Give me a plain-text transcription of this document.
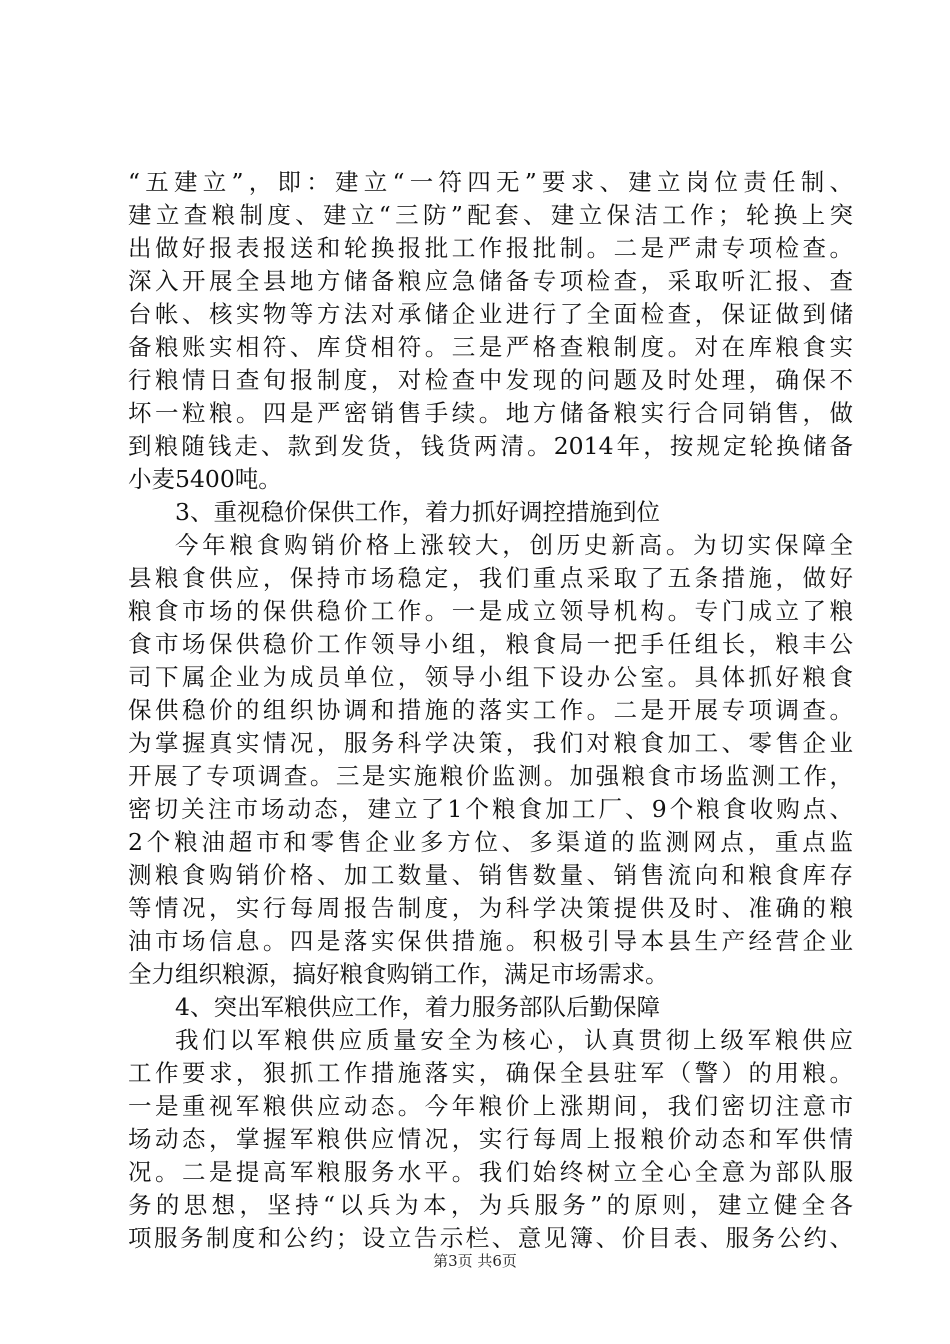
“五建立”，即：建立“一符四无”要求、建立岗位责任制、
建立查粮制度、建立“三防”配套、建立保洁工作；轮换上突
出做好报表报送和轮换报批工作报批制。二是严肃专项检查。
深入开展全县地方储备粮应急储备专项检查，采取听汇报、查
台帐、核实物等方法对承储企业进行了全面检查，保证做到储
备粮账实相符、库贷相符。三是严格查粮制度。对在库粮食实
行粮情日查旬报制度，对检查中发现的问题及时处理，确保不
坏一粒粮。四是严密销售手续。地方储备粮实行合同销售，做
到粮随钱走、款到发货，钱货两清。2014年，按规定轮换储备
小麦5400吨。
3、重视稳价保供工作，着力抓好调控措施到位
今年粮食购销价格上涨较大，创历史新高。为切实保障全
县粮食供应，保持市场稳定，我们重点采取了五条措施，做好
粮食市场的保供稳价工作。一是成立领导机构。专门成立了粮
食市场保供稳价工作领导小组，粮食局一把手任组长，粮丰公
司下属企业为成员单位，领导小组下设办公室。具体抓好粮食
保供稳价的组织协调和措施的落实工作。二是开展专项调查。
为掌握真实情况，服务科学决策，我们对粮食加工、零售企业
开展了专项调查。三是实施粮价监测。加强粮食市场监测工作，
密切关注市场动态，建立了1个粮食加工厂、9个粮食收购点、
2个粮油超市和零售企业多方位、多渠道的监测网点，重点监
测粮食购销价格、加工数量、销售数量、销售流向和粮食库存
等情况，实行每周报告制度，为科学决策提供及时、准确的粮
油市场信息。四是落实保供措施。积极引导本县生产经营企业
全力组织粮源，搞好粮食购销工作，满足市场需求。
4、突出军粮供应工作，着力服务部队后勤保障
我们以军粮供应质量安全为核心，认真贯彻上级军粮供应
工作要求，狠抓工作措施落实，确保全县驻军（警）的用粮。
一是重视军粮供应动态。今年粮价上涨期间，我们密切注意市
场动态，掌握军粮供应情况，实行每周上报粮价动态和军供情
况。二是提高军粮服务水平。我们始终树立全心全意为部队服
务的思想，坚持“以兵为本，为兵服务”的原则，建立健全各
项服务制度和公约；设立告示栏、意见簿、价目表、服务公约、
第3页 共6页
